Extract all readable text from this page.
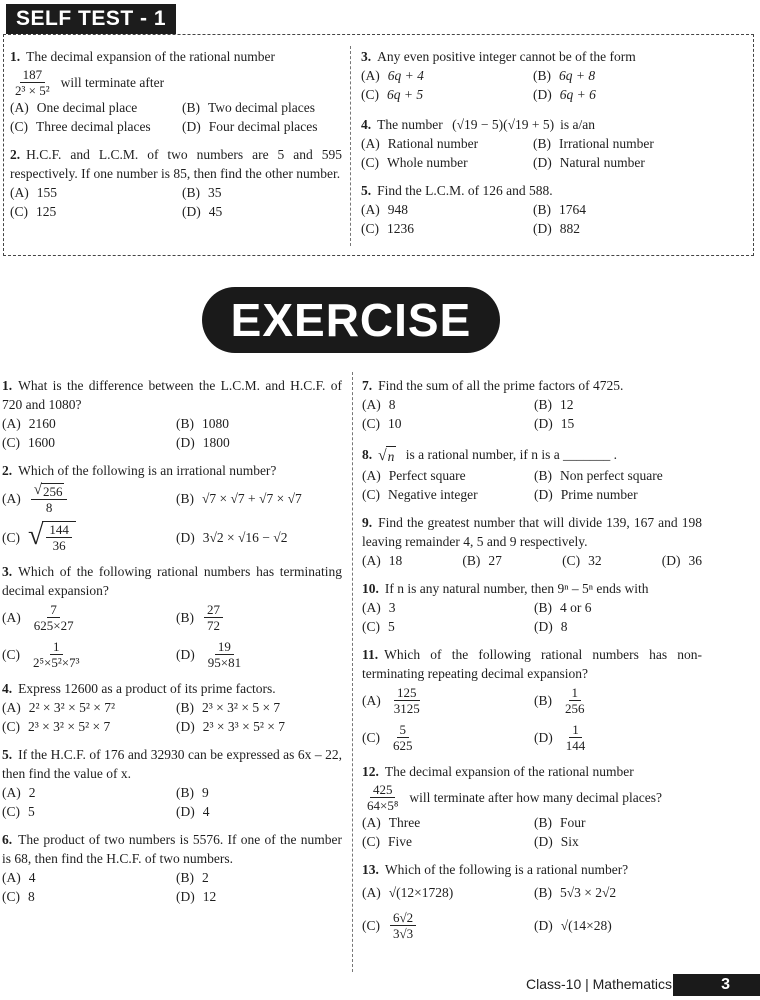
SELF TEST - 1
1. The decimal expansion of the rational number
$\frac{187}{\text{2³ × 5²}}$ will terminate after
(A) One decimal place	(B) Two decimal places
(C) Three decimal places (D) Four decimal places
2. H.C.F. and L.C.M. of two numbers are 5 and 595 respectively. If one number is 85, then find the other number.
(A) 155	(B) 35
(C) 125	(D) 45
3. Any even positive integer cannot be of the form
(A) 6q + 4	(B) 6q + 8
(C) 6q + 5	(D) 6q + 6
4. The number (√19 − 5)(√19 + 5) is a/an
(A) Rational number	(B) Irrational number
(C) Whole number	(D) Natural number
5. Find the L.C.M. of 126 and 588.
(A) 948	(B) 1764
(C) 1236	(D) 882
EXERCISE
1. What is the difference between the L.C.M. and H.C.F. of 720 and 1080?
(A) 2160	(B) 1080
(C) 1600	(D) 1800
2. Which of the following is an irrational number?
$(A) \frac{√ 256}{8}$	(B) √7 × √7 + √7 × √7
(C) √ $\frac{144}{36}$	(D) 3√2 × √16 − √2
3. Which of the following rational numbers has terminating decimal expansion?
$(A) \frac{7}{625\times 27}$	$(B) \frac{27}{72}$
$(C) \frac{1}{\text{2⁵×5²×7³}}$	$(D) \frac{19}{95\times 81}$
4. Express 12600 as a product of its prime factors.
(A) 2² × 3² × 5² × 7²	(B) 2³ × 3² × 5 × 7
(C) 2³ × 3² × 5² × 7	(D) 2³ × 3³ × 5² × 7
5. If the H.C.F. of 176 and 32930 can be expressed as 6x – 22, then find the value of x.
(A) 2	(B) 9
(C) 5	(D) 4
6. The product of two numbers is 5576. If one of the number is 68, then find the H.C.F. of two numbers.
(A) 4	(B) 2
(C) 8	(D) 12
7. Find the sum of all the prime factors of 4725.
(A) 8	(B) 12
(C) 10	(D) 15
8. √ n is a rational number, if n is a _______ .
(A) Perfect square	(B) Non perfect square
(C) Negative integer	(D) Prime number
9. Find the greatest number that will divide 139, 167 and 198 leaving remainder 4, 5 and 9 respectively.
(A) 18	(B) 27	(C) 32	(D) 36
10. If n is any natural number, then 9ⁿ – 5ⁿ ends with
(A) 3	(B) 4 or 6
(C) 5	(D) 8
11. Which of the following rational numbers has non-terminating repeating decimal expansion?
$(A) \frac{125}{3125}$	$(B) \frac{1}{256}$
$(C) \frac{5}{625}$	$(D) \frac{1}{144}$
12. The decimal expansion of the rational number
$\frac{425}{\text{64×5⁸}}$ will terminate after how many decimal places?
(A) Three	(B) Four
(C) Five	(D) Six
13. Which of the following is a rational number?
(A) √(12×1728)	(B) 5√3 × 2√2
$(C) \frac{6√2}{3√3}$	(D) √(14×28)
Class-10 | Mathematics	3
